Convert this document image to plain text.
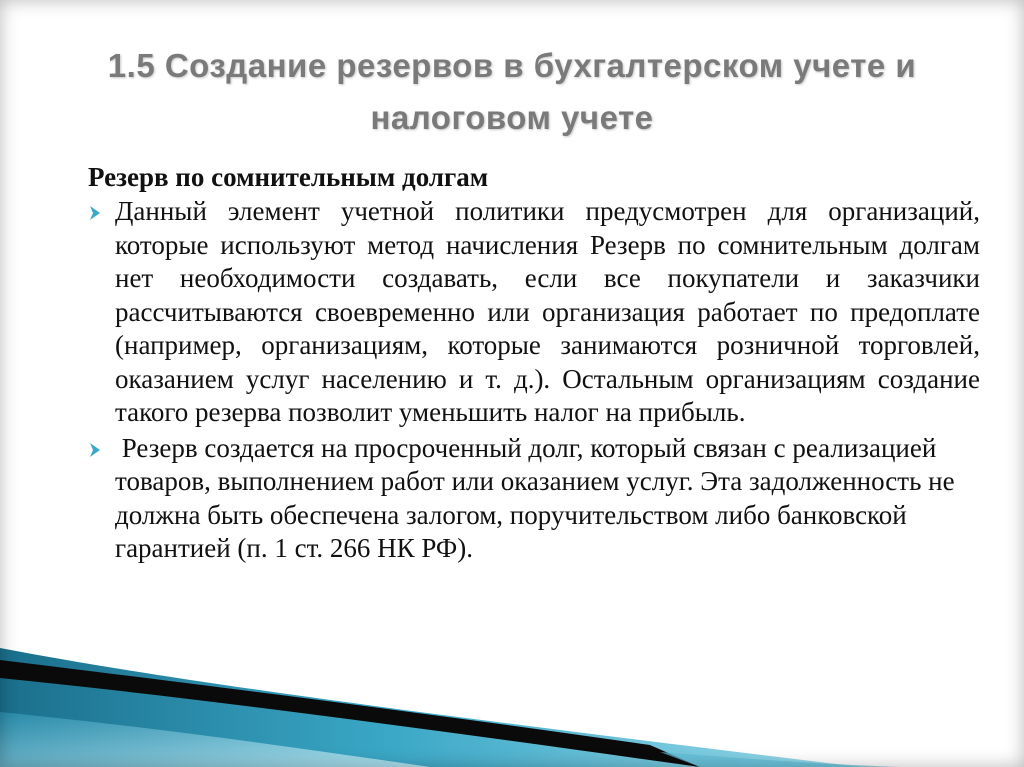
1.5 Создание резервов в бухгалтерском учете и
налоговом учете
Резерв по сомнительным долгам
Данный элемент учетной политики предусмотрен для организаций, которые используют метод начисления Резерв по сомнительным долгам нет необходимости создавать, если все покупатели и заказчики рассчитываются своевременно или организация работает по предоплате (например, организациям, которые занимаются розничной торговлей, оказанием услуг населению и т. д.). Остальным организациям создание такого резерва позволит уменьшить налог на прибыль.
Резерв создается на просроченный долг, который связан с реализацией товаров, выполнением работ или оказанием услуг. Эта задолженность не должна быть обеспечена залогом, поручительством либо банковской гарантией (п. 1 ст. 266 НК РФ).
